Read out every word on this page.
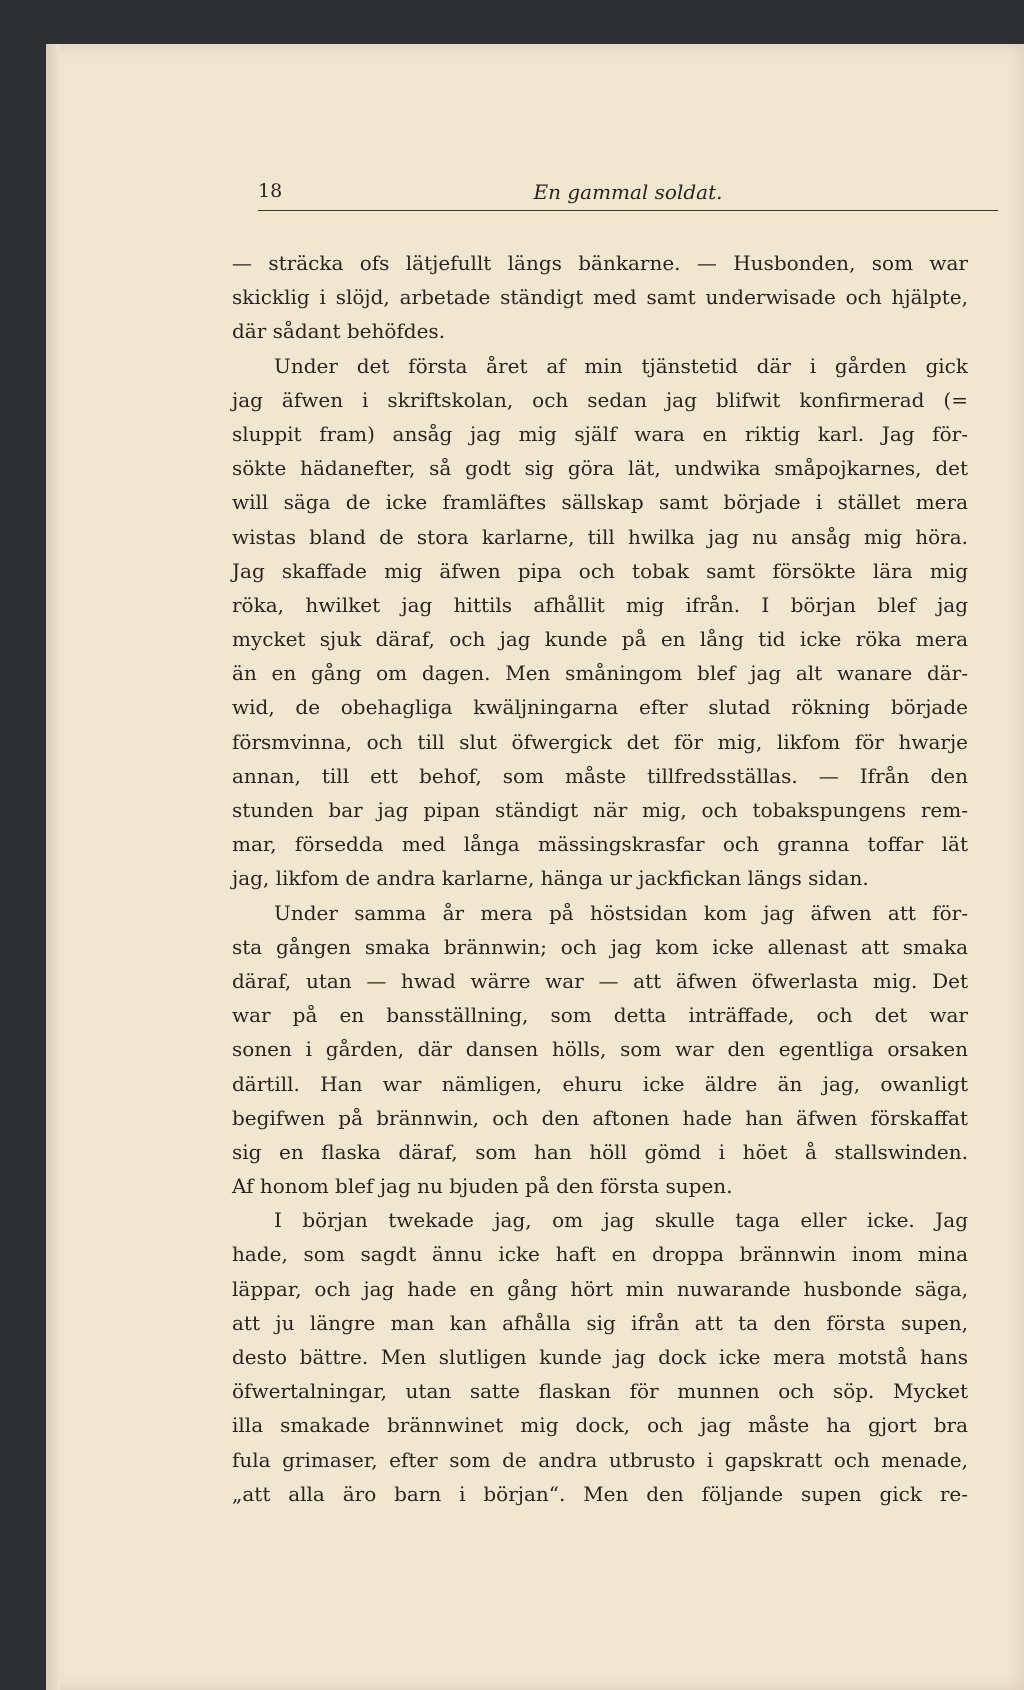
18	En gammal soldat.
— sträcka ofs lätjefullt längs bänkarne. — Husbonden, som war
skicklig i slöjd, arbetade ständigt med samt underwisade och hjälpte,
där sådant behöfdes.
Under det första året af min tjänstetid där i gården gick
jag äfwen i skriftskolan, och sedan jag blifwit konfirmerad (=
sluppit fram) ansåg jag mig själf wara en riktig karl. Jag för-
sökte hädanefter, så godt sig göra lät, undwika småpojkarnes, det
will säga de icke framläftes sällskap samt började i stället mera
wistas bland de stora karlarne, till hwilka jag nu ansåg mig höra.
Jag skaffade mig äfwen pipa och tobak samt försökte lära mig
röka, hwilket jag hittils afhållit mig ifrån. I början blef jag
mycket sjuk däraf, och jag kunde på en lång tid icke röka mera
än en gång om dagen. Men småningom blef jag alt wanare där-
wid, de obehagliga kwäljningarna efter slutad rökning började
försmvinna, och till slut öfwergick det för mig, likfom för hwarje
annan, till ett behof, som måste tillfredsställas. — Ifrån den
stunden bar jag pipan ständigt när mig, och tobakspungens rem-
mar, försedda med långa mässingskrasfar och granna toffar lät
jag, likfom de andra karlarne, hänga ur jackfickan längs sidan.
Under samma år mera på höstsidan kom jag äfwen att för-
sta gången smaka brännwin; och jag kom icke allenast att smaka
däraf, utan — hwad wärre war — att äfwen öfwerlasta mig. Det
war på en bansställning, som detta inträffade, och det war
sonen i gården, där dansen hölls, som war den egentliga orsaken
därtill. Han war nämligen, ehuru icke äldre än jag, owanligt
begifwen på brännwin, och den aftonen hade han äfwen förskaffat
sig en flaska däraf, som han höll gömd i höet å stallswinden.
Af honom blef jag nu bjuden på den första supen.
I början twekade jag, om jag skulle taga eller icke. Jag
hade, som sagdt ännu icke haft en droppa brännwin inom mina
läppar, och jag hade en gång hört min nuwarande husbonde säga,
att ju längre man kan afhålla sig ifrån att ta den första supen,
desto bättre. Men slutligen kunde jag dock icke mera motstå hans
öfwertalningar, utan satte flaskan för munnen och söp. Mycket
illa smakade brännwinet mig dock, och jag måste ha gjort bra
fula grimaser, efter som de andra utbrusto i gapskratt och menade,
„att alla äro barn i början“. Men den följande supen gick re-
